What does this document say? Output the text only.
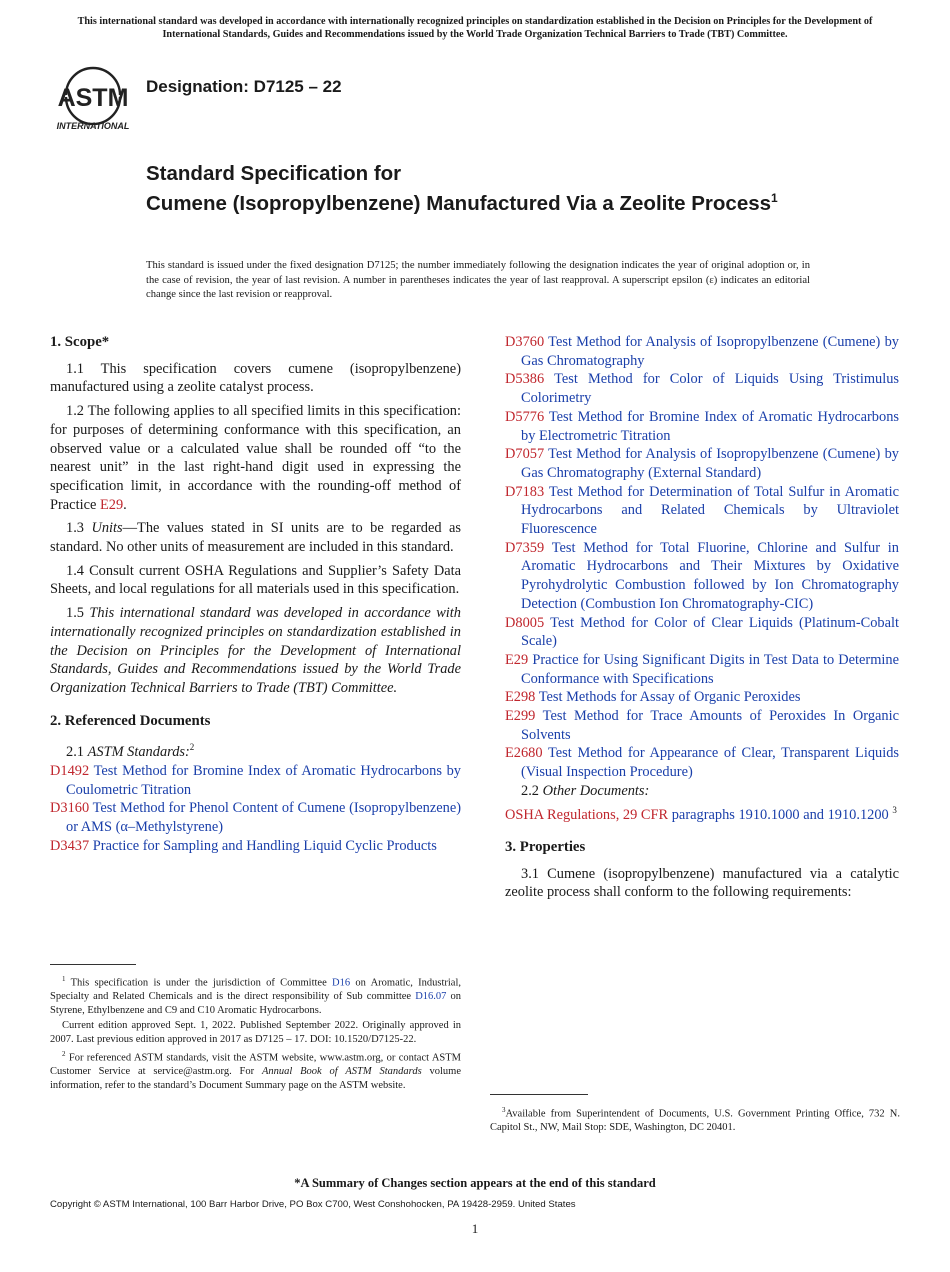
This international standard was developed in accordance with internationally recognized principles on standardization established in the Decision on Principles for the Development of International Standards, Guides and Recommendations issued by the World Trade Organization Technical Barriers to Trade (TBT) Committee.
ASTM
INTERNATIONAL
Designation: D7125 – 22
Standard Specification for
Cumene (Isopropylbenzene) Manufactured Via a Zeolite Process$^1$
This standard is issued under the fixed designation D7125; the number immediately following the designation indicates the year of original adoption or, in the case of revision, the year of last revision. A number in parentheses indicates the year of last reapproval. A superscript epsilon (ε) indicates an editorial change since the last revision or reapproval.
1. Scope*

1.1 This specification covers cumene (isopropylbenzene) manufactured using a zeolite catalyst process.

1.2 The following applies to all specified limits in this specification: for purposes of determining conformance with this specification, an observed value or a calculated value shall be rounded off “to the nearest unit” in the last right-hand digit used in expressing the specification limit, in accordance with the rounding-off method of Practice E29.

1.3 Units—The values stated in SI units are to be regarded as standard. No other units of measurement are included in this standard.

1.4 Consult current OSHA Regulations and Supplier’s Safety Data Sheets, and local regulations for all materials used in this specification.

1.5 This international standard was developed in accordance with internationally recognized principles on standardization established in the Decision on Principles for the Development of International Standards, Guides and Recommendations issued by the World Trade Organization Technical Barriers to Trade (TBT) Committee.

2. Referenced Documents

2.1 ASTM Standards:$^2$

D1492 Test Method for Bromine Index of Aromatic Hydrocarbons by Coulometric Titration

D3160 Test Method for Phenol Content of Cumene (Isopropylbenzene) or AMS (α–Methylstyrene)

D3437 Practice for Sampling and Handling Liquid Cyclic Products

D3760 Test Method for Analysis of Isopropylbenzene (Cumene) by Gas Chromatography

D5386 Test Method for Color of Liquids Using Tristimulus Colorimetry

D5776 Test Method for Bromine Index of Aromatic Hydrocarbons by Electrometric Titration

D7057 Test Method for Analysis of Isopropylbenzene (Cumene) by Gas Chromatography (External Standard)

D7183 Test Method for Determination of Total Sulfur in Aromatic Hydrocarbons and Related Chemicals by Ultraviolet Fluorescence

D7359 Test Method for Total Fluorine, Chlorine and Sulfur in Aromatic Hydrocarbons and Their Mixtures by Oxidative Pyrohydrolytic Combustion followed by Ion Chromatography Detection (Combustion Ion Chromatography-CIC)

D8005 Test Method for Color of Clear Liquids (Platinum-Cobalt Scale)

E29 Practice for Using Significant Digits in Test Data to Determine Conformance with Specifications

E298 Test Methods for Assay of Organic Peroxides

E299 Test Method for Trace Amounts of Peroxides In Organic Solvents

E2680 Test Method for Appearance of Clear, Transparent Liquids (Visual Inspection Procedure)

2.2 Other Documents:

OSHA Regulations, 29 CFR paragraphs 1910.1000 and 1910.1200 $^3$

3. Properties

3.1 Cumene (isopropylbenzene) manufactured via a catalytic zeolite process shall conform to the following requirements:

$^1$ This specification is under the jurisdiction of Committee D16 on Aromatic, Industrial, Specialty and Related Chemicals and is the direct responsibility of Sub committee D16.07 on Styrene, Ethylbenzene and C9 and C10 Aromatic Hydrocarbons.

Current edition approved Sept. 1, 2022. Published September 2022. Originally approved in 2007. Last previous edition approved in 2017 as D7125 – 17. DOI: 10.1520/D7125-22.

$^2$ For referenced ASTM standards, visit the ASTM website, www.astm.org, or contact ASTM Customer Service at service@astm.org. For Annual Book of ASTM Standards volume information, refer to the standard’s Document Summary page on the ASTM website.

$^3$Available from Superintendent of Documents, U.S. Government Printing Office, 732 N. Capitol St., NW, Mail Stop: SDE, Washington, DC 20401.

*A Summary of Changes section appears at the end of this standard
Copyright © ASTM International, 100 Barr Harbor Drive, PO Box C700, West Conshohocken, PA 19428-2959. United States
1
